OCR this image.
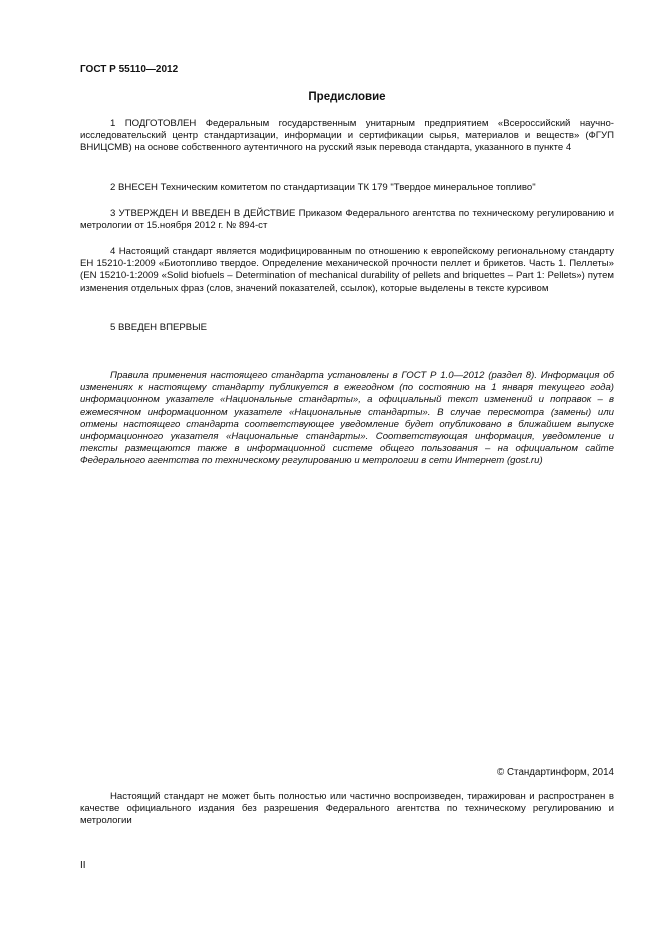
ГОСТ Р 55110—2012
Предисловие

1 ПОДГОТОВЛЕН Федеральным государственным унитарным предприятием «Всероссийский научно-исследовательский центр стандартизации, информации и сертификации сырья, материалов и веществ» (ФГУП ВНИЦСМВ) на основе собственного аутентичного на русский язык перевода стандарта, указанного в пункте 4

2 ВНЕСЕН Техническим комитетом по стандартизации ТК 179 "Твердое минеральное топливо"

3 УТВЕРЖДЕН И ВВЕДЕН В ДЕЙСТВИЕ Приказом Федерального агентства по техническому регулированию и метрологии от 15.ноября 2012 г. № 894-ст

4 Настоящий стандарт является модифицированным по отношению к европейскому региональному стандарту ЕН 15210-1:2009 «Биотопливо твердое. Определение механической прочности пеллет и брикетов. Часть 1. Пеллеты» (EN 15210-1:2009 «Solid biofuels – Determination of mechanical durability of pellets and briquettes – Part 1: Pellets») путем изменения отдельных фраз (слов, значений показателей, ссылок), которые выделены в тексте курсивом

5 ВВЕДЕН ВПЕРВЫЕ

Правила применения настоящего стандарта установлены в ГОСТ Р 1.0—2012 (раздел 8). Информация об изменениях к настоящему стандарту публикуется в ежегодном (по состоянию на 1 января текущего года) информационном указателе «Национальные стандарты», а официальный текст изменений и поправок – в ежемесячном информационном указателе «Национальные стандарты». В случае пересмотра (замены) или отмены настоящего стандарта соответствующее уведомление будет опубликовано в ближайшем выпуске информационного указателя «Национальные стандарты». Соответствующая информация, уведомление и тексты размещаются также в информационной системе общего пользования – на официальном сайте Федерального агентства по техническому регулированию и метрологии в сети Интернет (gost.ru)

© Стандартинформ, 2014

Настоящий стандарт не может быть полностью или частично воспроизведен, тиражирован и распространен в качестве официального издания без разрешения Федерального агентства по техническому регулированию и метрологии

II
